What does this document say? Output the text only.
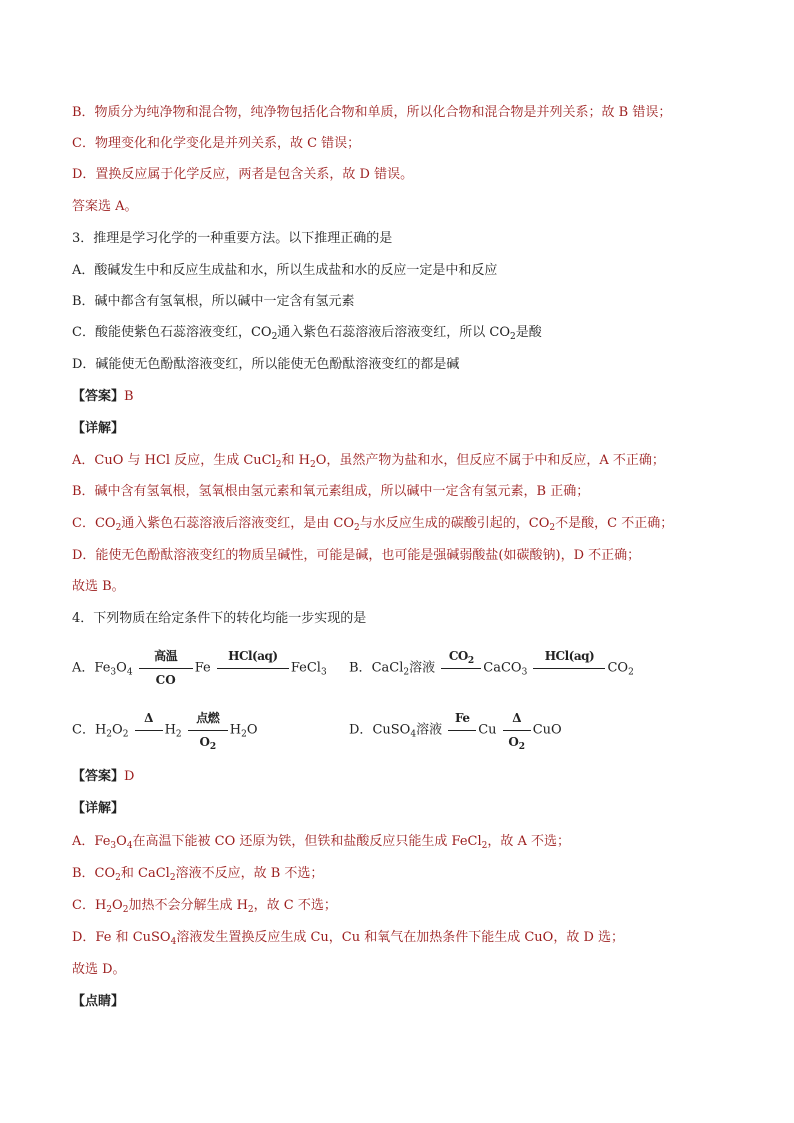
B．物质分为纯净物和混合物，纯净物包括化合物和单质，所以化合物和混合物是并列关系；故 B 错误；
C．物理变化和化学变化是并列关系，故 C 错误；
D．置换反应属于化学反应，两者是包含关系，故 D 错误。
答案选 A。
3．推理是学习化学的一种重要方法。以下推理正确的是
A．酸碱发生中和反应生成盐和水，所以生成盐和水的反应一定是中和反应
B．碱中都含有氢氧根，所以碱中一定含有氢元素
C．酸能使紫色石蕊溶液变红，$CO_2$通入紫色石蕊溶液后溶液变红，所以 $CO_2$是酸
D．碱能使无色酚酞溶液变红，所以能使无色酚酞溶液变红的都是碱
【答案】B
【详解】
A．CuO 与 HCl 反应，生成 CuCl$_2$和 $H_2O$，虽然产物为盐和水，但反应不属于中和反应，A 不正确；
B．碱中含有氢氧根，氢氧根由氢元素和氧元素组成，所以碱中一定含有氢元素，B 正确；
C．$CO_2$通入紫色石蕊溶液后溶液变红，是由 $CO_2$与水反应生成的碳酸引起的，$CO_2$不是酸，C 不正确；
D．能使无色酚酞溶液变红的物质呈碱性，可能是碱，也可能是强碱弱酸盐(如碳酸钠)，D 不正确；
故选 B。
4．下列物质在给定条件下的转化均能一步实现的是
A．$Fe_3O_4$
高温
CO
Fe
HCl(aq)
FeCl$_3$ B．CaCl$_2$溶液
$CO_2$ CaCO$_3$
HCl(aq)
$CO_2$
C．$H_2O_2$
Δ
$H_2$
点燃
$O_2$
$H_2O$	D．CuSO$_4$溶液
Fe
Cu
Δ
$O_2$
CuO
【答案】D
【详解】
A．$Fe_3O_4$在高温下能被 CO 还原为铁，但铁和盐酸反应只能生成 FeCl$_2$，故 A 不选；
B．$CO_2$和 CaCl$_2$溶液不反应，故 B 不选；
C．$H_2O_2$加热不会分解生成 $H_2$，故 C 不选；
D．Fe 和 CuSO$_4$溶液发生置换反应生成 Cu，Cu 和氧气在加热条件下能生成 CuO，故 D 选；
故选 D。
【点睛】
